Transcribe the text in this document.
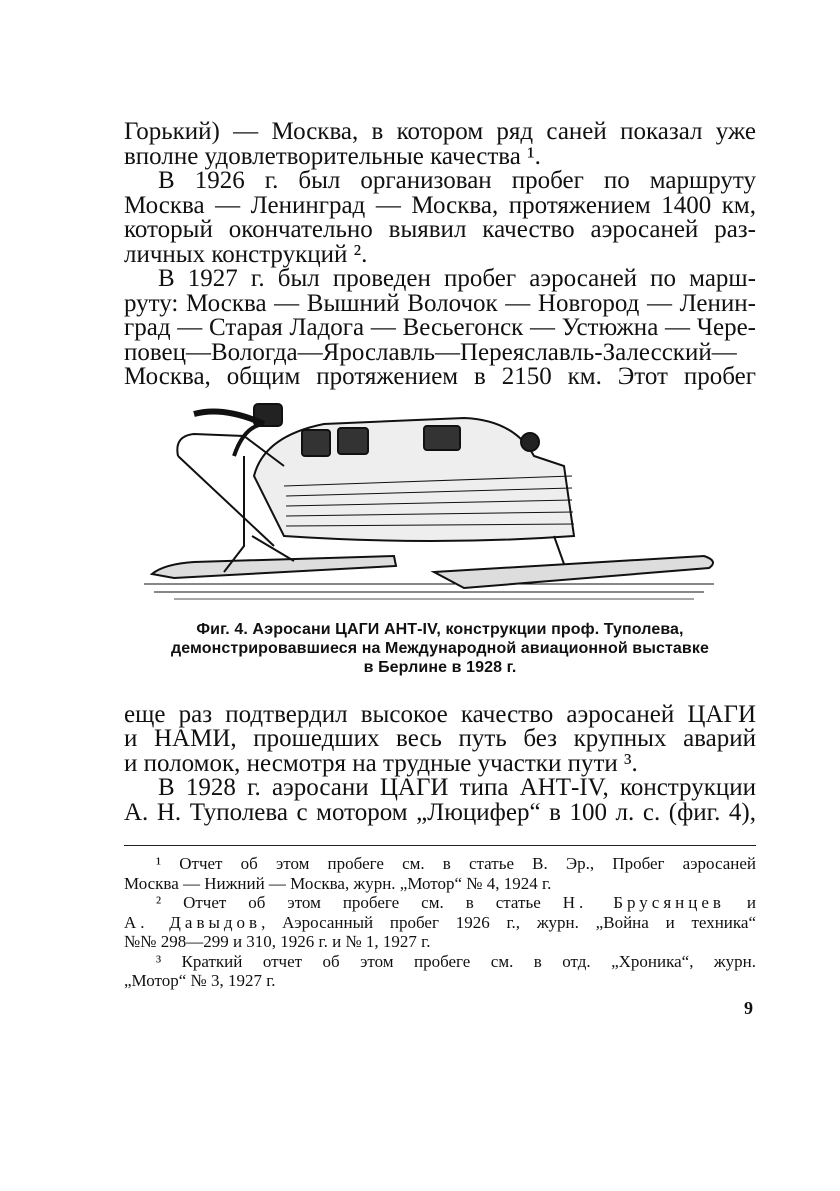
Горький) — Москва, в котором ряд саней показал уже

вполне удовлетворительные качества ¹.

В 1926 г. был организован пробег по маршруту

Москва — Ленинград — Москва, протяжением 1400 км,

который окончательно выявил качество аэросаней раз-

личных конструкций ².

В 1927 г. был проведен пробег аэросаней по марш-

руту: Москва — Вышний Волочок — Новгород — Ленин-

град — Старая Ладога — Весьегонск — Устюжна — Чере-

повец—Вологда—Ярославль—Переяславль-Залесский—

Москва, общим протяжением в 2150 км. Этот пробег

Фиг. 4. Аэросани ЦАГИ АНТ-IV, конструкции проф. Туполева,
демонстрировавшиеся на Международной авиационной выставке
в Берлине в 1928 г.

еще раз подтвердил высокое качество аэросаней ЦАГИ

и НАМИ, прошедших весь путь без крупных аварий

и поломок, несмотря на трудные участки пути ³.

В 1928 г. аэросани ЦАГИ типа АНТ-IV, конструкции

А. Н. Туполева с мотором „Люцифер“ в 100 л. с. (фиг. 4),

¹ Отчет об этом пробеге см. в статье В. Эр., Пробег аэросаней

Москва — Нижний — Москва, журн. „Мотор“ № 4, 1924 г.

² Отчет об этом пробеге см. в статье Н. Брусянцев и

А. Давыдов, Аэросанный пробег 1926 г., журн. „Война и техника“

№№ 298—299 и 310, 1926 г. и № 1, 1927 г.

³ Краткий отчет об этом пробеге см. в отд. „Хроника“, журн.

„Мотор“ № 3, 1927 г.

9
